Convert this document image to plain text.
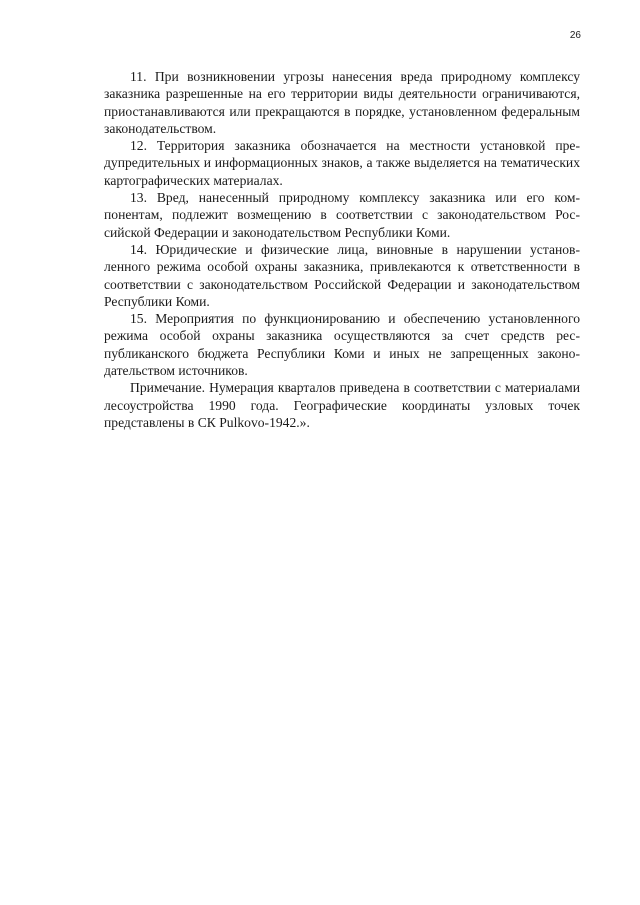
26

11. При возникновении угрозы нанесения вреда природному комплексу заказника разрешенные на его территории виды деятельности ограничиваются, приостанавливаются или прекращаются в порядке, установленном федеральным законодательством.

12. Территория заказника обозначается на местности установкой предупредительных и информационных знаков, а также выделяется на тематических картографических материалах.

13. Вред, нанесенный природному комплексу заказника или его компонентам, подлежит возмещению в соответствии с законодательством Российской Федерации и законодательством Республики Коми.

14. Юридические и физические лица, виновные в нарушении установленного режима особой охраны заказника, привлекаются к ответственности в соответствии с законодательством Российской Федерации и законодательством Республики Коми.

15. Мероприятия по функционированию и обеспечению установленного режима особой охраны заказника осуществляются за счет средств республиканского бюджета Республики Коми и иных не запрещенных законодательством источников.

Примечание. Нумерация кварталов приведена в соответствии с материалами лесоустройства 1990 года. Географические координаты узловых точек представлены в СК Pulkovo-1942.».
